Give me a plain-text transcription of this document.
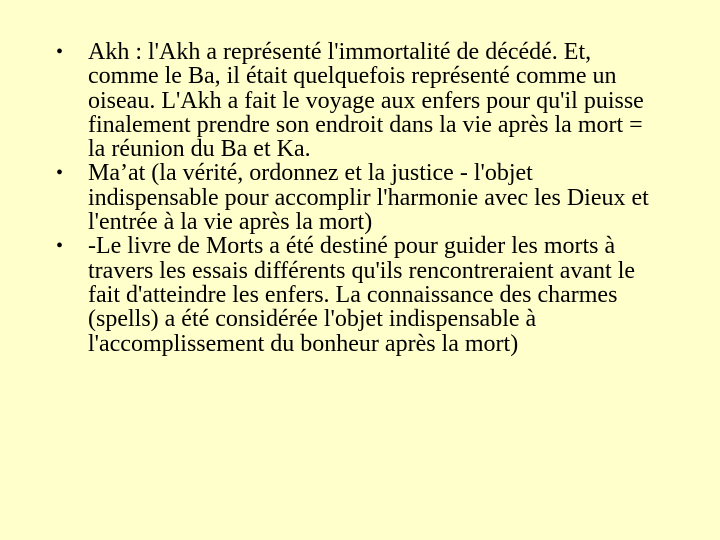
• Akh : l'Akh a représenté l'immortalité de décédé. Et, comme le Ba, il était quelquefois représenté comme un oiseau. L'Akh a fait le voyage aux enfers pour qu'il puisse finalement prendre son endroit dans la vie après la mort = la réunion du Ba et Ka.
• Ma’at (la vérité, ordonnez et la justice - l'objet indispensable pour accomplir l'harmonie avec les Dieux et l'entrée à la vie après la mort)
• -Le livre de Morts a été destiné pour guider les morts à travers les essais différents qu'ils rencontreraient avant le fait d'atteindre les enfers. La connaissance des charmes (spells) a été considérée l'objet indispensable à l'accomplissement du bonheur après la mort)
